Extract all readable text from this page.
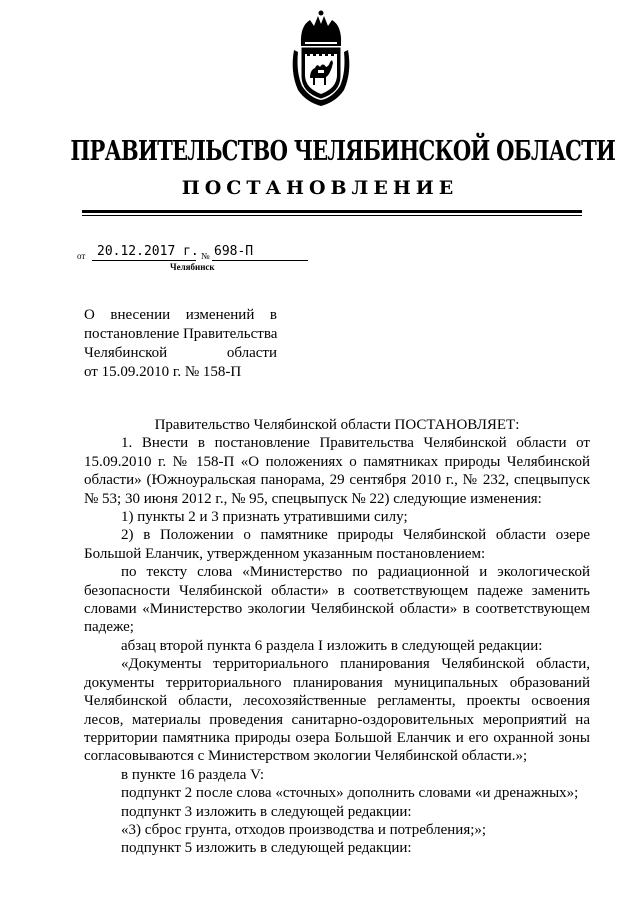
ПРАВИТЕЛЬСТВО ЧЕЛЯБИНСКОЙ ОБЛАСТИ
ПОСТАНОВЛЕНИЕ
от 20.12.2017 г. № 698-П
Челябинск
О внесении изменений в
постановление Правительства
Челябинской области
от 15.09.2010 г. № 158-П

Правительство Челябинской области ПОСТАНОВЛЯЕТ:

1. Внести в постановление Правительства Челябинской области от 15.09.2010 г. № 158-П «О положениях о памятниках природы Челябинской области» (Южноуральская панорама, 29 сентября 2010 г., № 232, спецвыпуск № 53; 30 июня 2012 г., № 95, спецвыпуск № 22) следующие изменения:

1) пункты 2 и 3 признать утратившими силу;

2) в Положении о памятнике природы Челябинской области озере Большой Еланчик, утвержденном указанным постановлением:

по тексту слова «Министерство по радиационной и экологической безопасности Челябинской области» в соответствующем падеже заменить словами «Министерство экологии Челябинской области» в соответствующем падеже;

абзац второй пункта 6 раздела I изложить в следующей редакции:

«Документы территориального планирования Челябинской области, документы территориального планирования муниципальных образований Челябинской области, лесохозяйственные регламенты, проекты освоения лесов, материалы проведения санитарно-оздоровительных мероприятий на территории памятника природы озера Большой Еланчик и его охранной зоны согласовываются с Министерством экологии Челябинской области.»;

в пункте 16 раздела V:

подпункт 2 после слова «сточных» дополнить словами «и дренажных»;

подпункт 3 изложить в следующей редакции:

«3) сброс грунта, отходов производства и потребления;»;

подпункт 5 изложить в следующей редакции:
